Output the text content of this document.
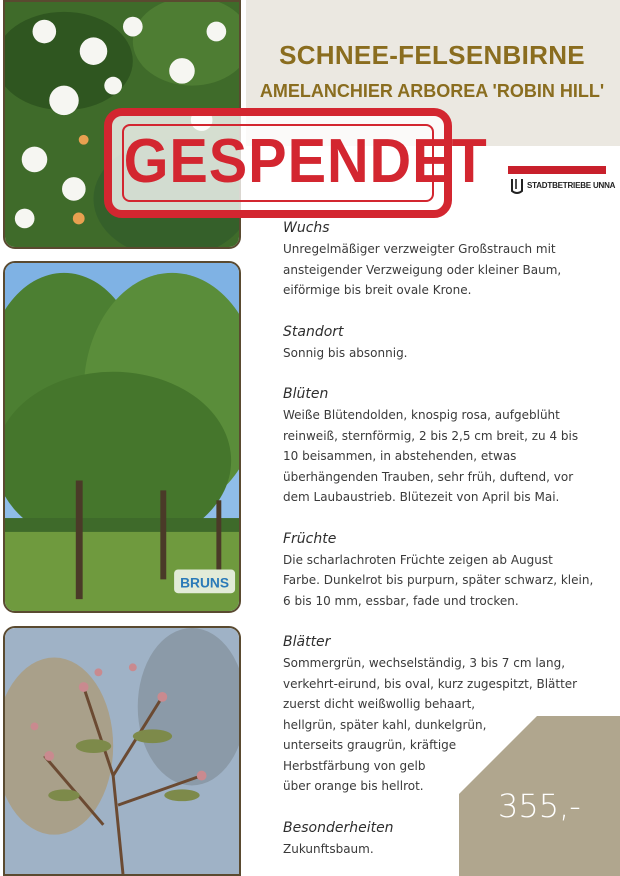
BRUNS
SCHNEE-FELSENBIRNE
AMELANCHIER ARBOREA 'ROBIN HILL'
STADTBETRIEBE UNNA
GESPENDET
Wuchs
Unregelmäßiger verzweigter Großstrauch mit
ansteigender Verzweigung oder kleiner Baum,
eiförmige bis breit ovale Krone.
Standort
Sonnig bis absonnig.
Blüten
Weiße Blütendolden, knospig rosa, aufgeblüht
reinweiß, sternförmig, 2 bis 2,5 cm breit, zu 4 bis
10 beisammen, in abstehenden, etwas
überhängenden Trauben, sehr früh, duftend, vor
dem Laubaustrieb. Blütezeit von April bis Mai.
Früchte
Die scharlachroten Früchte zeigen ab August
Farbe. Dunkelrot bis purpurn, später schwarz, klein,
6 bis 10 mm, essbar, fade und trocken.
Blätter
Sommergrün, wechselständig, 3 bis 7 cm lang,
verkehrt-eirund, bis oval, kurz zugespitzt, Blätter
zuerst dicht weißwollig behaart,
hellgrün, später kahl, dunkelgrün,
unterseits graugrün, kräftige
Herbstfärbung von gelb
über orange bis hellrot.
Besonderheiten
Zukunftsbaum.
355,-
